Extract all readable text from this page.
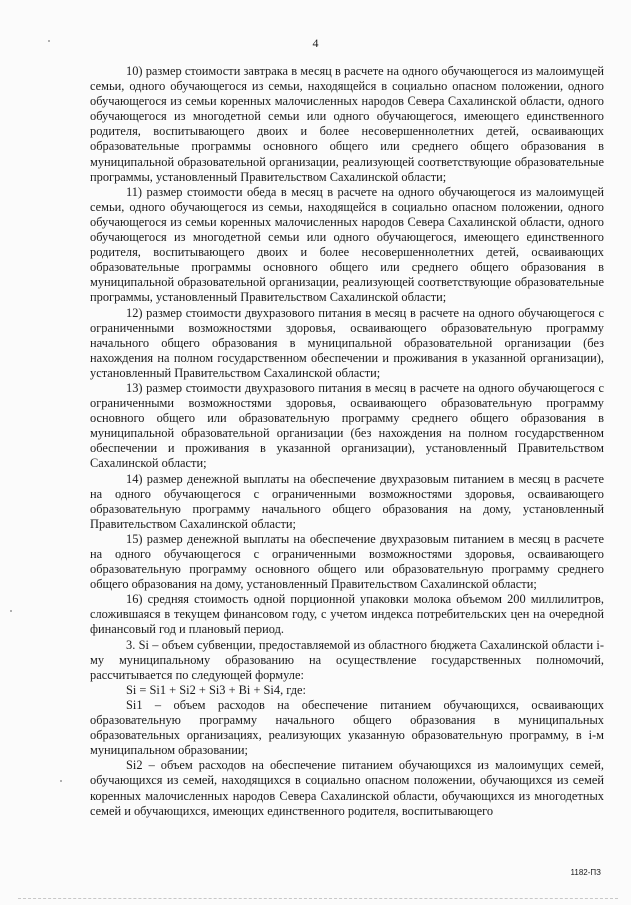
4

10) размер стоимости завтрака в месяц в расчете на одного обучающегося из малоимущей семьи, одного обучающегося из семьи, находящейся в социально опасном положении, одного обучающегося из семьи коренных малочисленных народов Севера Сахалинской области, одного обучающегося из многодетной семьи или одного обучающегося, имеющего единственного родителя, воспитывающего двоих и более несовершеннолетних детей, осваивающих образовательные программы основного общего или среднего общего образования в муниципальной образовательной организации, реализующей соответствующие образовательные программы, установленный Правительством Сахалинской области;

11) размер стоимости обеда в месяц в расчете на одного обучающегося из малоимущей семьи, одного обучающегося из семьи, находящейся в социально опасном положении, одного обучающегося из семьи коренных малочисленных народов Севера Сахалинской области, одного обучающегося из многодетной семьи или одного обучающегося, имеющего единственного родителя, воспитывающего двоих и более несовершеннолетних детей, осваивающих образовательные программы основного общего или среднего общего образования в муниципальной образовательной организации, реализующей соответствующие образовательные программы, установленный Правительством Сахалинской области;

12) размер стоимости двухразового питания в месяц в расчете на одного обучающегося с ограниченными возможностями здоровья, осваивающего образовательную программу начального общего образования в муниципальной образовательной организации (без нахождения на полном государственном обеспечении и проживания в указанной организации), установленный Правительством Сахалинской области;

13) размер стоимости двухразового питания в месяц в расчете на одного обучающегося с ограниченными возможностями здоровья, осваивающего образовательную программу основного общего или образовательную программу среднего общего образования в муниципальной образовательной организации (без нахождения на полном государственном обеспечении и проживания в указанной организации), установленный Правительством Сахалинской области;

14) размер денежной выплаты на обеспечение двухразовым питанием в месяц в расчете на одного обучающегося с ограниченными возможностями здоровья, осваивающего образовательную программу начального общего образования на дому, установленный Правительством Сахалинской области;

15) размер денежной выплаты на обеспечение двухразовым питанием в месяц в расчете на одного обучающегося с ограниченными возможностями здоровья, осваивающего образовательную программу основного общего или образовательную программу среднего общего образования на дому, установленный Правительством Сахалинской области;

16) средняя стоимость одной порционной упаковки молока объемом 200 миллилитров, сложившаяся в текущем финансовом году, с учетом индекса потребительских цен на очередной финансовый год и плановый период.

3. Si – объем субвенции, предоставляемой из областного бюджета Сахалинской области i-му муниципальному образованию на осуществление государственных полномочий, рассчитывается по следующей формуле:

Si = Si1 + Si2 + Si3 + Bi + Si4, где:

Si1 – объем расходов на обеспечение питанием обучающихся, осваивающих образовательную программу начального общего образования в муниципальных образовательных организациях, реализующих указанную образовательную программу, в i-м муниципальном образовании;

Si2 – объем расходов на обеспечение питанием обучающихся из малоимущих семей, обучающихся из семей, находящихся в социально опасном положении, обучающихся из семей коренных малочисленных народов Севера Сахалинской области, обучающихся из многодетных семей и обучающихся, имеющих единственного родителя, воспитывающего

1182-ПЗ
